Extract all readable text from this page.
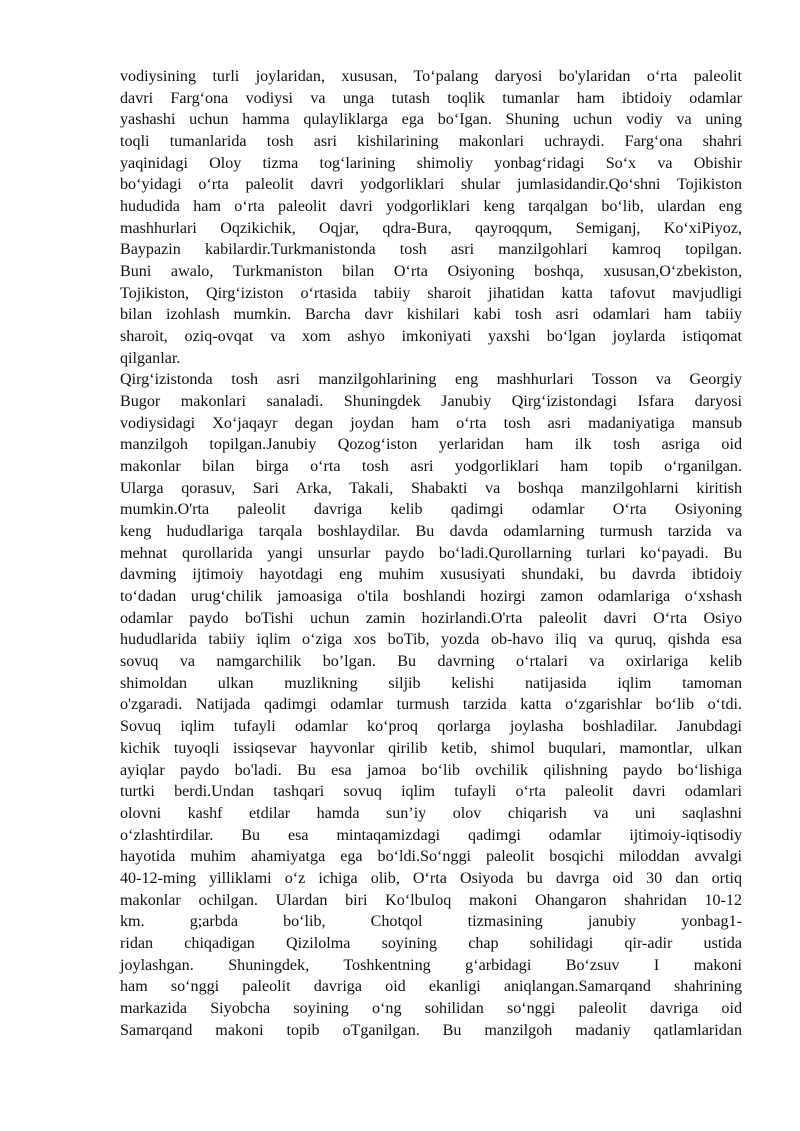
vodiysining turli joylaridan, xususan, To‘palang daryosi bo'ylaridan o‘rta paleolit
davri Farg‘ona vodiysi va unga tutash toqlik tumanlar ham ibtidoiy odamlar
yashashi uchun hamma qulayliklarga ega bo‘Igan. Shuning uchun vodiy va uning
toqli tumanlarida tosh asri kishilarining makonlari uchraydi. Farg‘ona shahri
yaqinidagi Oloy tizma tog‘larining shimoliy yonbag‘ridagi So‘x va Obishir
bo‘yidagi o‘rta paleolit davri yodgorliklari shular jumlasidandir.Qo‘shni Tojikiston
hududida ham o‘rta paleolit davri yodgorliklari keng tarqalgan bo‘lib, ulardan eng
mashhurlari Oqzikichik, Oqjar, qdra-Bura, qayroqqum, Semiganj, Ko‘xiPiyoz,
Baypazin kabilardir.Turkmanistonda tosh asri manzilgohlari kamroq topilgan.
Buni awalo, Turkmaniston bilan O‘rta Osiyoning boshqa, xususan,O‘zbekiston,
Tojikiston, Qirg‘iziston o‘rtasida tabiiy sharoit jihatidan katta tafovut mavjudligi
bilan izohlash mumkin. Barcha davr kishilari kabi tosh asri odamlari ham tabiiy
sharoit, oziq-ovqat va xom ashyo imkoniyati yaxshi bo‘lgan joylarda istiqomat
qilganlar.
Qirg‘izistonda tosh asri manzilgohlarining eng mashhurlari Tosson va Georgiy
Bugor makonlari sanaladi. Shuningdek Janubiy Qirg‘izistondagi Isfara daryosi
vodiysidagi Xo‘jaqayr degan joydan ham o‘rta tosh asri madaniyatiga mansub
manzilgoh topilgan.Janubiy Qozog‘iston yerlaridan ham ilk tosh asriga oid
makonlar bilan birga o‘rta tosh asri yodgorliklari ham topib o‘rganilgan.
Ularga qorasuv, Sari Arka, Takali, Shabakti va boshqa manzilgohlarni kiritish
mumkin.O'rta paleolit davriga kelib qadimgi odamlar O‘rta Osiyoning
keng hududlariga tarqala boshlaydilar. Bu davda odamlarning turmush tarzida va
mehnat qurollarida yangi unsurlar paydo bo‘ladi.Qurollarning turlari ko‘payadi. Bu
davming ijtimoiy hayotdagi eng muhim xususiyati shundaki, bu davrda ibtidoiy
to‘dadan urug‘chilik jamoasiga o'tila boshlandi hozirgi zamon odamlariga o‘xshash
odamlar paydo boTishi uchun zamin hozirlandi.O'rta paleolit davri O‘rta Osiyo
hududlarida tabiiy iqlim o‘ziga xos boTib, yozda ob-havo iliq va quruq, qishda esa
sovuq va namgarchilik bo’lgan. Bu davrning o‘rtalari va oxirlariga kelib
shimoldan ulkan muzlikning siljib kelishi natijasida iqlim tamoman
o'zgaradi. Natijada qadimgi odamlar turmush tarzida katta o‘zgarishlar bo‘lib o‘tdi.
Sovuq iqlim tufayli odamlar ko‘proq qorlarga joylasha boshladilar. Janubdagi
kichik tuyoqli issiqsevar hayvonlar qirilib ketib, shimol buqulari, mamontlar, ulkan
ayiqlar paydo bo'ladi. Bu esa jamoa bo‘lib ovchilik qilishning paydo bo‘lishiga
turtki berdi.Undan tashqari sovuq iqlim tufayli o‘rta paleolit davri odamlari
olovni kashf etdilar hamda sun’iy olov chiqarish va uni saqlashni
o‘zlashtirdilar. Bu esa mintaqamizdagi qadimgi odamlar ijtimoiy-iqtisodiy
hayotida muhim ahamiyatga ega bo‘ldi.So‘nggi paleolit bosqichi miloddan avvalgi
40-12-ming yilliklami o‘z ichiga olib, O‘rta Osiyoda bu davrga oid 30 dan ortiq
makonlar ochilgan. Ulardan biri Ko‘lbuloq makoni Ohangaron shahridan 10-12
km. g;arbda bo‘lib, Chotqol tizmasining janubiy yonbag1-
ridan chiqadigan Qizilolma soyining chap sohilidagi qir-adir ustida
joylashgan. Shuningdek, Toshkentning g‘arbidagi Bo‘zsuv I makoni
ham so‘nggi paleolit davriga oid ekanligi aniqlangan.Samarqand shahrining
markazida Siyobcha soyining o‘ng sohilidan so‘nggi paleolit davriga oid
Samarqand makoni topib oTganilgan. Bu manzilgoh madaniy qatlamlaridan
